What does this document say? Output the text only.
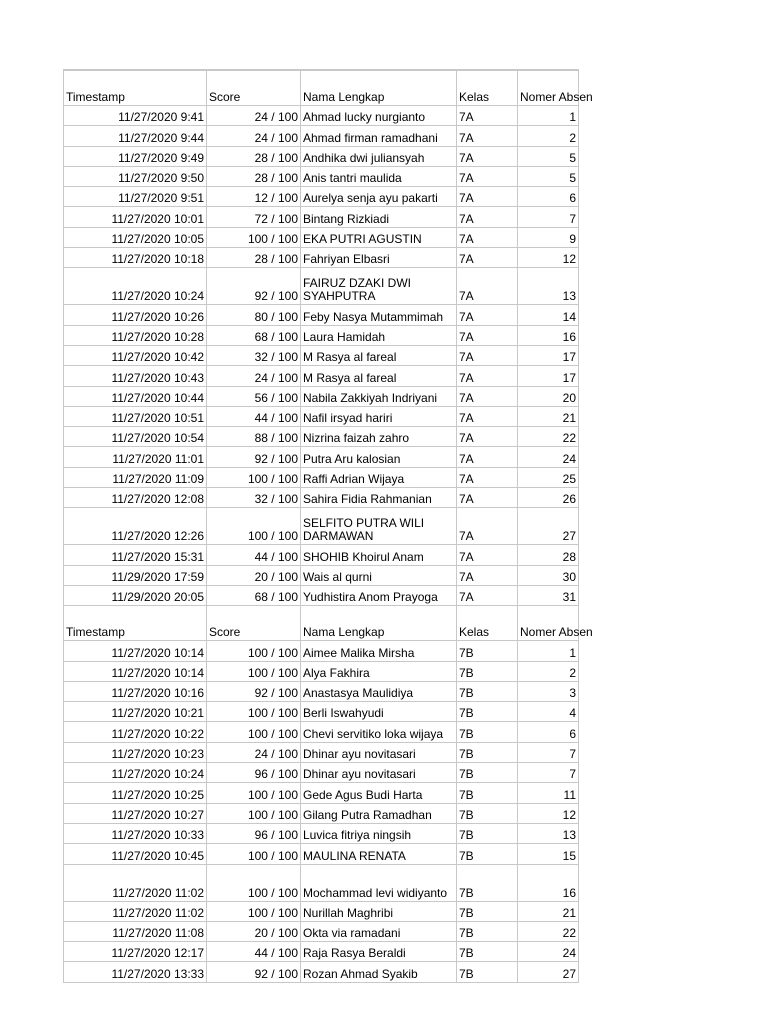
Timestamp	Score	Nama Lengkap	Kelas	Nomer Absen
11/27/2020 9:41	24 / 100	Ahmad lucky nurgianto	7A	1
11/27/2020 9:44	24 / 100	Ahmad firman ramadhani	7A	2
11/27/2020 9:49	28 / 100	Andhika dwi juliansyah	7A	5
11/27/2020 9:50	28 / 100	Anis tantri maulida	7A	5
11/27/2020 9:51	12 / 100	Aurelya senja ayu pakarti	7A	6
11/27/2020 10:01	72 / 100	Bintang Rizkiadi	7A	7
11/27/2020 10:05	100 / 100	EKA PUTRI AGUSTIN	7A	9
11/27/2020 10:18	28 / 100	Fahriyan Elbasri	7A	12
11/27/2020 10:24	92 / 100	FAIRUZ DZAKI DWI SYAHPUTRA	7A	13
11/27/2020 10:26	80 / 100	Feby Nasya Mutammimah	7A	14
11/27/2020 10:28	68 / 100	Laura Hamidah	7A	16
11/27/2020 10:42	32 / 100	M Rasya al fareal	7A	17
11/27/2020 10:43	24 / 100	M Rasya al fareal	7A	17
11/27/2020 10:44	56 / 100	Nabila Zakkiyah Indriyani	7A	20
11/27/2020 10:51	44 / 100	Nafil irsyad hariri	7A	21
11/27/2020 10:54	88 / 100	Nizrina faizah zahro	7A	22
11/27/2020 11:01	92 / 100	Putra Aru kalosian	7A	24
11/27/2020 11:09	100 / 100	Raffi Adrian Wijaya	7A	25
11/27/2020 12:08	32 / 100	Sahira Fidia Rahmanian	7A	26
11/27/2020 12:26	100 / 100	SELFITO PUTRA WILI DARMAWAN	7A	27
11/27/2020 15:31	44 / 100	SHOHIB Khoirul Anam	7A	28
11/29/2020 17:59	20 / 100	Wais al qurni	7A	30
11/29/2020 20:05	68 / 100	Yudhistira Anom Prayoga	7A	31
Timestamp	Score	Nama Lengkap	Kelas	Nomer Absen
11/27/2020 10:14	100 / 100	Aimee Malika Mirsha	7B	1
11/27/2020 10:14	100 / 100	Alya Fakhira	7B	2
11/27/2020 10:16	92 / 100	Anastasya Maulidiya	7B	3
11/27/2020 10:21	100 / 100	Berli Iswahyudi	7B	4
11/27/2020 10:22	100 / 100	Chevi servitiko loka wijaya	7B	6
11/27/2020 10:23	24 / 100	Dhinar ayu novitasari	7B	7
11/27/2020 10:24	96 / 100	Dhinar ayu novitasari	7B	7
11/27/2020 10:25	100 / 100	Gede Agus Budi Harta	7B	11
11/27/2020 10:27	100 / 100	Gilang Putra Ramadhan	7B	12
11/27/2020 10:33	96 / 100	Luvica fitriya ningsih	7B	13
11/27/2020 10:45	100 / 100	MAULINA RENATA	7B	15
11/27/2020 11:02	100 / 100	Mochammad levi widiyanto	7B	16
11/27/2020 11:02	100 / 100	Nurillah Maghribi	7B	21
11/27/2020 11:08	20 / 100	Okta via ramadani	7B	22
11/27/2020 12:17	44 / 100	Raja Rasya Beraldi	7B	24
11/27/2020 13:33	92 / 100	Rozan Ahmad Syakib	7B	27
